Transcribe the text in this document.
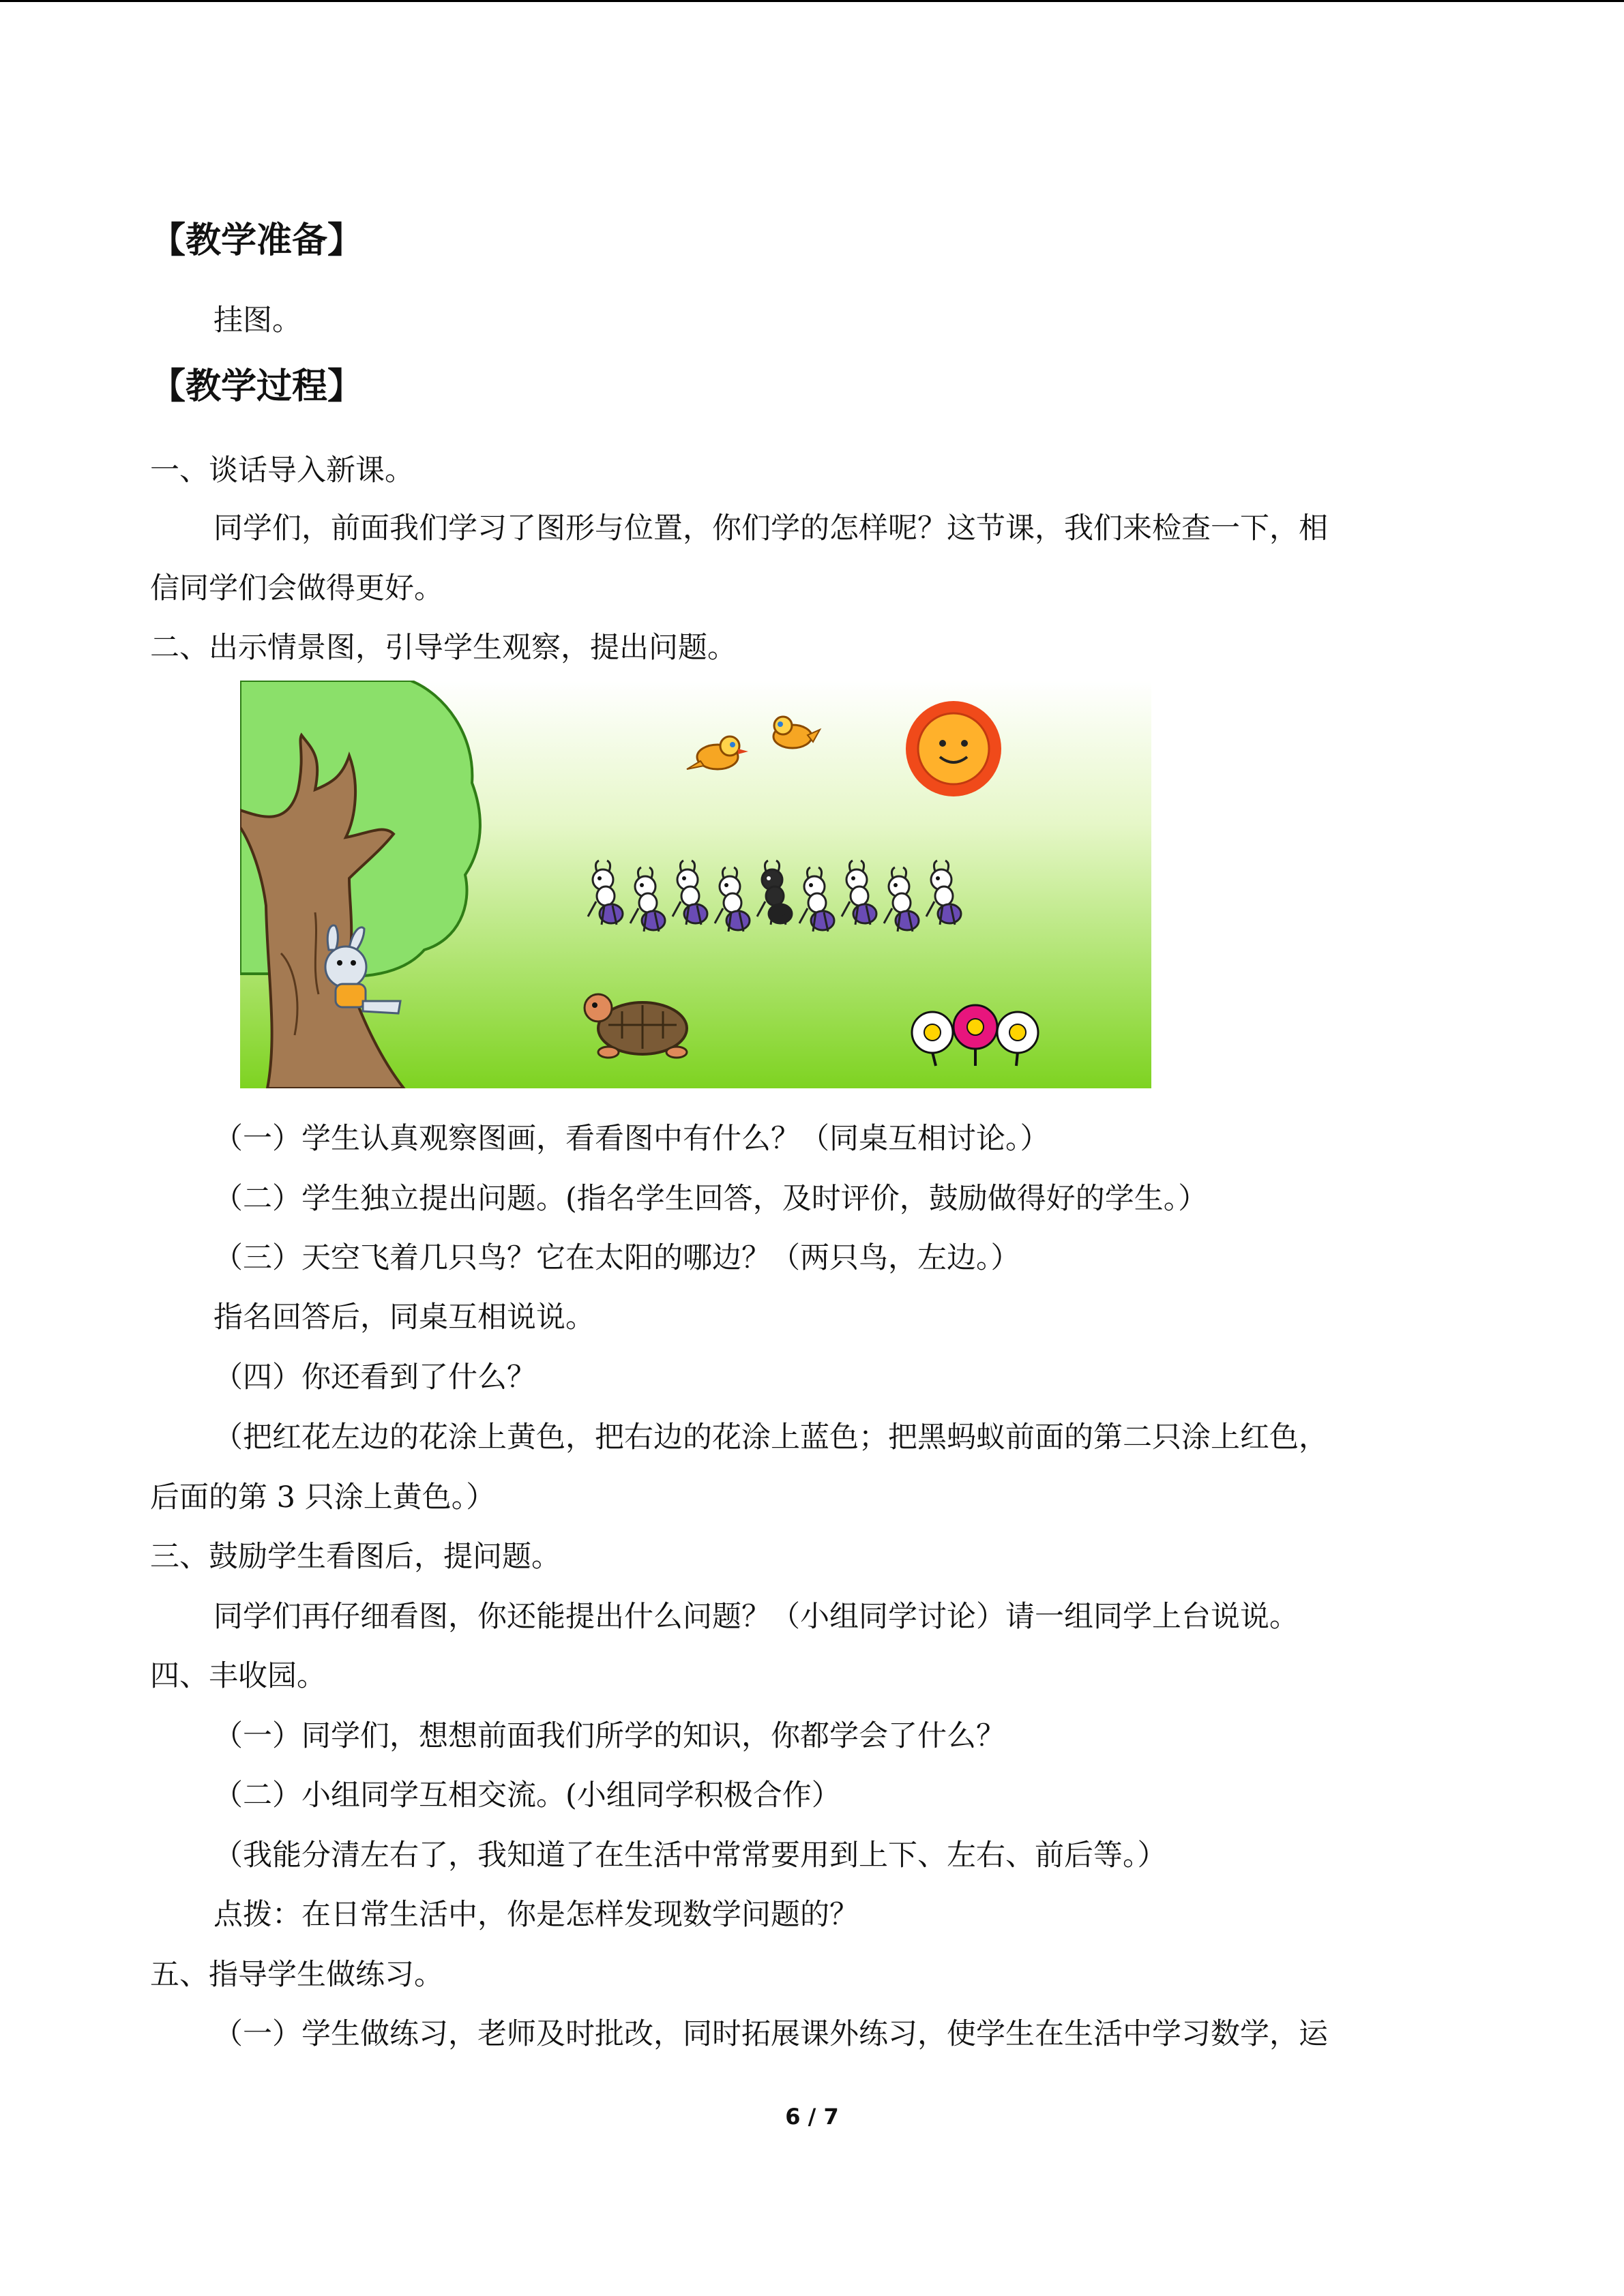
【教学准备】
挂图。
【教学过程】
一、谈话导入新课。
同学们，前面我们学习了图形与位置，你们学的怎样呢？这节课，我们来检查一下，相
信同学们会做得更好。
二、出示情景图，引导学生观察，提出问题。
（一）学生认真观察图画，看看图中有什么？（同桌互相讨论。）
（二）学生独立提出问题。(指名学生回答，及时评价，鼓励做得好的学生。）
（三）天空飞着几只鸟？它在太阳的哪边？（两只鸟，左边。）
指名回答后，同桌互相说说。
（四）你还看到了什么？
（把红花左边的花涂上黄色，把右边的花涂上蓝色；把黑蚂蚁前面的第二只涂上红色，
后面的第 3 只涂上黄色。）
三、鼓励学生看图后，提问题。
同学们再仔细看图，你还能提出什么问题？（小组同学讨论）请一组同学上台说说。
四、丰收园。
（一）同学们，想想前面我们所学的知识，你都学会了什么？
（二）小组同学互相交流。(小组同学积极合作）
（我能分清左右了，我知道了在生活中常常要用到上下、左右、前后等。）
点拨：在日常生活中，你是怎样发现数学问题的？
五、指导学生做练习。
（一）学生做练习，老师及时批改，同时拓展课外练习，使学生在生活中学习数学，运
6 / 7
